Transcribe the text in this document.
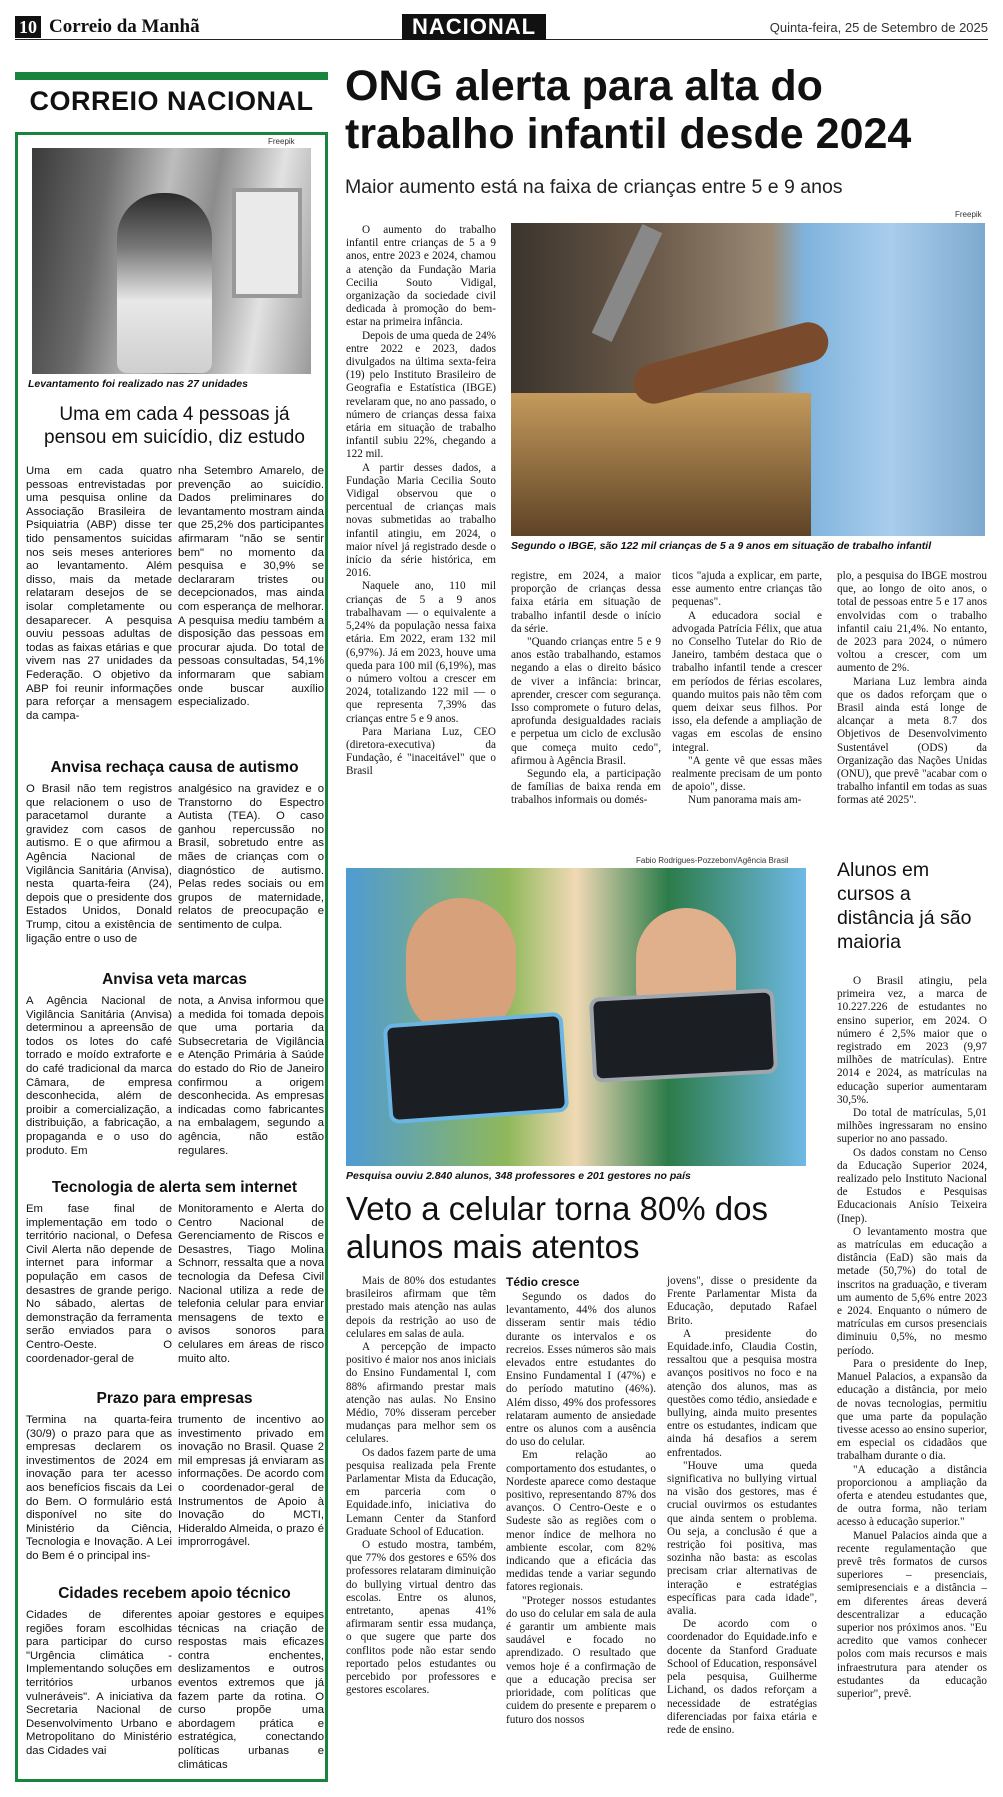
10 Correio da Manhã	NACIONAL	Quinta-feira, 25 de Setembro de 2025
CORREIO NACIONAL
Freepik
Levantamento foi realizado nas 27 unidades
Uma em cada 4 pessoas já pensou em suicídio, diz estudo
Uma em cada quatro pessoas entrevistadas por uma pesquisa online da Associação Brasileira de Psiquiatria (ABP) disse ter tido pensamentos suicidas nos seis meses anteriores ao levantamento. Além disso, mais da metade relataram desejos de se isolar completamente ou desaparecer. A pesquisa ouviu pessoas adultas de todas as faixas etárias e que vivem nas 27 unidades da Federação. O objetivo da ABP foi reunir informações para reforçar a mensagem da campa-
nha Setembro Amarelo, de prevenção ao suicídio. Dados preliminares do levantamento mostram ainda que 25,2% dos participantes afirmaram "não se sentir bem" no momento da pesquisa e 30,9% se declararam tristes ou decepcionados, mas ainda com esperança de melhorar. A pesquisa mediu também a disposição das pessoas em procurar ajuda. Do total de pessoas consultadas, 54,1% informaram que sabiam onde buscar auxílio especializado.
Anvisa rechaça causa de autismo
O Brasil não tem registros que relacionem o uso de paracetamol durante a gravidez com casos de autismo. E o que afirmou a Agência Nacional de Vigilância Sanitária (Anvisa), nesta quarta-feira (24), depois que o presidente dos Estados Unidos, Donald Trump, citou a existência de ligação entre o uso de
analgésico na gravidez e o Transtorno do Espectro Autista (TEA). O caso ganhou repercussão no Brasil, sobretudo entre as mães de crianças com o diagnóstico de autismo. Pelas redes sociais ou em grupos de maternidade, relatos de preocupação e sentimento de culpa.
Anvisa veta marcas
A Agência Nacional de Vigilância Sanitária (Anvisa) determinou a apreensão de todos os lotes do café torrado e moído extraforte e do café tradicional da marca Câmara, de empresa desconhecida, além de proibir a comercialização, a distribuição, a fabricação, a propaganda e o uso do produto. Em
nota, a Anvisa informou que a medida foi tomada depois que uma portaria da Subsecretaria de Vigilância e Atenção Primária à Saúde do estado do Rio de Janeiro confirmou a origem desconhecida. As empresas indicadas como fabricantes na embalagem, segundo a agência, não estão regulares.
Tecnologia de alerta sem internet
Em fase final de implementação em todo o território nacional, o Defesa Civil Alerta não depende de internet para informar a população em casos de desastres de grande perigo. No sábado, alertas de demonstração da ferramenta serão enviados para o Centro-Oeste. O coordenador-geral de
Monitoramento e Alerta do Centro Nacional de Gerenciamento de Riscos e Desastres, Tiago Molina Schnorr, ressalta que a nova tecnologia da Defesa Civil Nacional utiliza a rede de telefonia celular para enviar mensagens de texto e avisos sonoros para celulares em áreas de risco muito alto.
Prazo para empresas
Termina na quarta-feira (30/9) o prazo para que as empresas declarem os investimentos de 2024 em inovação para ter acesso aos benefícios fiscais da Lei do Bem. O formulário está disponível no site do Ministério da Ciência, Tecnologia e Inovação. A Lei do Bem é o principal ins-
trumento de incentivo ao investimento privado em inovação no Brasil. Quase 2 mil empresas já enviaram as informações. De acordo com o coordenador-geral de Instrumentos de Apoio à Inovação do MCTI, Hideraldo Almeida, o prazo é improrrogável.
Cidades recebem apoio técnico
Cidades de diferentes regiões foram escolhidas para participar do curso "Urgência climática - Implementando soluções em territórios urbanos vulneráveis". A iniciativa da Secretaria Nacional de Desenvolvimento Urbano e Metropolitano do Ministério das Cidades vai
apoiar gestores e equipes técnicas na criação de respostas mais eficazes contra enchentes, deslizamentos e outros eventos extremos que já fazem parte da rotina. O curso propõe uma abordagem prática e estratégica, conectando políticas urbanas e climáticas
ONG alerta para alta do trabalho infantil desde 2024
Maior aumento está na faixa de crianças entre 5 e 9 anos

O aumento do trabalho infantil entre crianças de 5 a 9 anos, entre 2023 e 2024, chamou a atenção da Fundação Maria Cecilia Souto Vidigal, organização da sociedade civil dedicada à promoção do bem-estar na primeira infância.

Depois de uma queda de 24% entre 2022 e 2023, dados divulgados na última sexta-feira (19) pelo Instituto Brasileiro de Geografia e Estatística (IBGE) revelaram que, no ano passado, o número de crianças dessa faixa etária em situação de trabalho infantil subiu 22%, chegando a 122 mil.

A partir desses dados, a Fundação Maria Cecilia Souto Vidigal observou que o percentual de crianças mais novas submetidas ao trabalho infantil atingiu, em 2024, o maior nível já registrado desde o início da série histórica, em 2016.

Naquele ano, 110 mil crianças de 5 a 9 anos trabalhavam — o equivalente a 5,24% da população nessa faixa etária. Em 2022, eram 132 mil (6,97%). Já em 2023, houve uma queda para 100 mil (6,19%), mas o número voltou a crescer em 2024, totalizando 122 mil — o que representa 7,39% das crianças entre 5 e 9 anos.

Para Mariana Luz, CEO (diretora-executiva) da Fundação, é "inaceitável" que o Brasil

Freepik
Segundo o IBGE, são 122 mil crianças de 5 a 9 anos em situação de trabalho infantil

registre, em 2024, a maior proporção de crianças dessa faixa etária em situação de trabalho infantil desde o início da série.

"Quando crianças entre 5 e 9 anos estão trabalhando, estamos negando a elas o direito básico de viver a infância: brincar, aprender, crescer com segurança. Isso compromete o futuro delas, aprofunda desigualdades raciais e perpetua um ciclo de exclusão que começa muito cedo", afirmou à Agência Brasil.

Segundo ela, a participação de famílias de baixa renda em trabalhos informais ou domés-

ticos "ajuda a explicar, em parte, esse aumento entre crianças tão pequenas".

A educadora social e advogada Patrícia Félix, que atua no Conselho Tutelar do Rio de Janeiro, também destaca que o trabalho infantil tende a crescer em períodos de férias escolares, quando muitos pais não têm com quem deixar seus filhos. Por isso, ela defende a ampliação de vagas em escolas de ensino integral.

"A gente vê que essas mães realmente precisam de um ponto de apoio", disse.

Num panorama mais am-

plo, a pesquisa do IBGE mostrou que, ao longo de oito anos, o total de pessoas entre 5 e 17 anos envolvidas com o trabalho infantil caiu 21,4%. No entanto, de 2023 para 2024, o número voltou a crescer, com um aumento de 2%.

Mariana Luz lembra ainda que os dados reforçam que o Brasil ainda está longe de alcançar a meta 8.7 dos Objetivos de Desenvolvimento Sustentável (ODS) da Organização das Nações Unidas (ONU), que prevê "acabar com o trabalho infantil em todas as suas formas até 2025".

Fabio Rodrigues-Pozzebom/Agência Brasil
Pesquisa ouviu 2.840 alunos, 348 professores e 201 gestores no país
Veto a celular torna 80% dos alunos mais atentos

Mais de 80% dos estudantes brasileiros afirmam que têm prestado mais atenção nas aulas depois da restrição ao uso de celulares em salas de aula.

A percepção de impacto positivo é maior nos anos iniciais do Ensino Fundamental I, com 88% afirmando prestar mais atenção nas aulas. No Ensino Médio, 70% disseram perceber mudanças para melhor sem os celulares.

Os dados fazem parte de uma pesquisa realizada pela Frente Parlamentar Mista da Educação, em parceria com o Equidade.info, iniciativa do Lemann Center da Stanford Graduate School of Education.

O estudo mostra, também, que 77% dos gestores e 65% dos professores relataram diminuição do bullying virtual dentro das escolas. Entre os alunos, entretanto, apenas 41% afirmaram sentir essa mudança, o que sugere que parte dos conflitos pode não estar sendo reportado pelos estudantes ou percebido por professores e gestores escolares.

Tédio cresce

Segundo os dados do levantamento, 44% dos alunos disseram sentir mais tédio durante os intervalos e os recreios. Esses números são mais elevados entre estudantes do Ensino Fundamental I (47%) e do período matutino (46%). Além disso, 49% dos professores relataram aumento de ansiedade entre os alunos com a ausência do uso do celular.

Em relação ao comportamento dos estudantes, o Nordeste aparece como destaque positivo, representando 87% dos avanços. O Centro-Oeste e o Sudeste são as regiões com o menor índice de melhora no ambiente escolar, com 82% indicando que a eficácia das medidas tende a variar segundo fatores regionais.

"Proteger nossos estudantes do uso do celular em sala de aula é garantir um ambiente mais saudável e focado no aprendizado. O resultado que vemos hoje é a confirmação de que a educação precisa ser prioridade, com políticas que cuidem do presente e preparem o futuro dos nossos

jovens", disse o presidente da Frente Parlamentar Mista da Educação, deputado Rafael Brito.

A presidente do Equidade.info, Claudia Costin, ressaltou que a pesquisa mostra avanços positivos no foco e na atenção dos alunos, mas as questões como tédio, ansiedade e bullying, ainda muito presentes entre os estudantes, indicam que ainda há desafios a serem enfrentados.

"Houve uma queda significativa no bullying virtual na visão dos gestores, mas é crucial ouvirmos os estudantes que ainda sentem o problema. Ou seja, a conclusão é que a restrição foi positiva, mas sozinha não basta: as escolas precisam criar alternativas de interação e estratégias específicas para cada idade", avalia.

De acordo com o coordenador do Equidade.info e docente da Stanford Graduate School of Education, responsável pela pesquisa, Guilherme Lichand, os dados reforçam a necessidade de estratégias diferenciadas por faixa etária e rede de ensino.

Alunos em cursos a distância já são maioria

O Brasil atingiu, pela primeira vez, a marca de 10.227.226 de estudantes no ensino superior, em 2024. O número é 2,5% maior que o registrado em 2023 (9,97 milhões de matrículas). Entre 2014 e 2024, as matrículas na educação superior aumentaram 30,5%.

Do total de matrículas, 5,01 milhões ingressaram no ensino superior no ano passado.

Os dados constam no Censo da Educação Superior 2024, realizado pelo Instituto Nacional de Estudos e Pesquisas Educacionais Anísio Teixeira (Inep).

O levantamento mostra que as matrículas em educação a distância (EaD) são mais da metade (50,7%) do total de inscritos na graduação, e tiveram um aumento de 5,6% entre 2023 e 2024. Enquanto o número de matrículas em cursos presenciais diminuiu 0,5%, no mesmo período.

Para o presidente do Inep, Manuel Palacios, a expansão da educação a distância, por meio de novas tecnologias, permitiu que uma parte da população tivesse acesso ao ensino superior, em especial os cidadãos que trabalham durante o dia.

"A educação a distância proporcionou a ampliação da oferta e atendeu estudantes que, de outra forma, não teriam acesso à educação superior."

Manuel Palacios ainda que a recente regulamentação que prevê três formatos de cursos superiores – presenciais, semipresenciais e a distância – em diferentes áreas deverá descentralizar a educação superior nos próximos anos. "Eu acredito que vamos conhecer polos com mais recursos e mais infraestrutura para atender os estudantes da educação superior", prevê.
